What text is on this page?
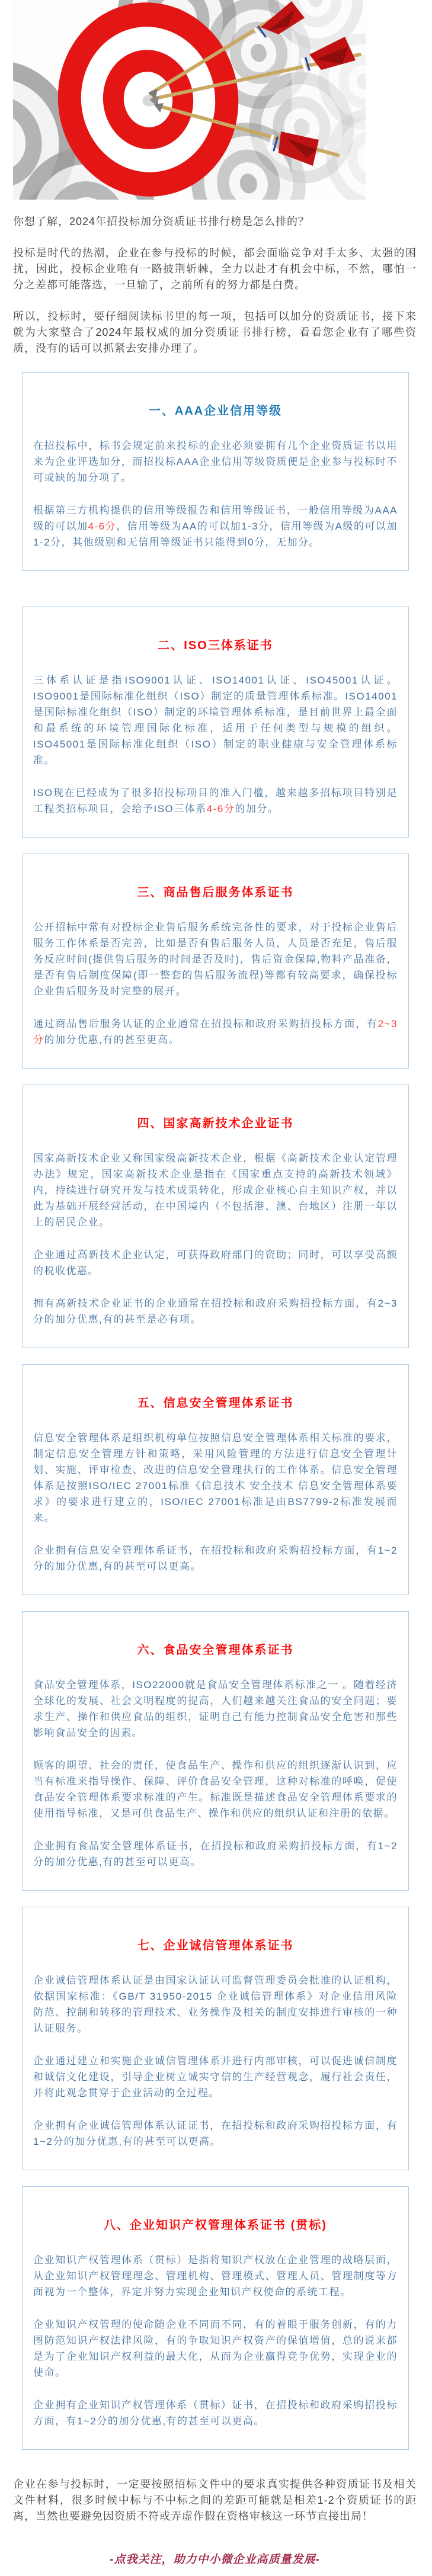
你想了解，2024年招投标加分资质证书排行榜是怎么排的？

投标是时代的热潮，企业在参与投标的时候，都会面临竞争对手太多、太强的困扰，因此，投标企业唯有一路披荆斩棘，全力以赴才有机会中标，不然，哪怕一分之差都可能落选，一旦输了，之前所有的努力都是白费。

所以，投标时，要仔细阅读标书里的每一项，包括可以加分的资质证书，接下来就为大家整合了2024年最权威的加分资质证书排行榜，看看您企业有了哪些资质，没有的话可以抓紧去安排办理了。

一、AAA企业信用等级

在招投标中，标书会规定前来投标的企业必须要拥有几个企业资质证书以用来为企业评选加分，而招投标AAA企业信用等级资质便是企业参与投标时不可或缺的加分项了。

根据第三方机构提供的信用等级报告和信用等级证书，一般信用等级为AAA级的可以加4-6分，信用等级为AA的可以加1-3分，信用等级为A级的可以加1-2分，其他级别和无信用等级证书只能得到0分，无加分。

二、ISO三体系证书

三体系认证是指ISO9001认证、ISO14001认证、ISO45001认证。ISO9001是国际标准化组织（ISO）制定的质量管理体系标准。ISO14001是国际标准化组织（ISO）制定的环境管理体系标准，是目前世界上最全面和最系统的环境管理国际化标准，适用于任何类型与规模的组织。ISO45001是国际标准化组织（ISO）制定的职业健康与安全管理体系标准。

ISO现在已经成为了很多招投标项目的准入门槛，越来越多招标项目特别是工程类招标项目，会给予ISO三体系4-6分的加分。

三、商品售后服务体系证书

公开招标中常有对投标企业售后服务系统完备性的要求，对于投标企业售后服务工作体系是否完善，比如是否有售后服务人员，人员是否充足，售后服务反应时间(提供售后服务的时间是否及时)，售后资金保障,物料产品准备，是否有售后制度保障(即一整套的售后服务流程)等都有较高要求，确保投标企业售后服务及时完整的展开。

通过商品售后服务认证的企业通常在招投标和政府采购招投标方面，有2~3分的加分优惠,有的甚至更高。

四、国家高新技术企业证书

国家高新技术企业又称国家级高新技术企业，根据《高新技术企业认定管理办法》规定，国家高新技术企业是指在《国家重点支持的高新技术领域》内，持续进行研究开发与技术成果转化，形成企业核心自主知识产权，并以此为基础开展经营活动，在中国境内（不包括港、澳、台地区）注册一年以上的居民企业。

企业通过高新技术企业认定，可获得政府部门的资助；同时，可以享受高额的税收优惠。

拥有高新技术企业证书的企业通常在招投标和政府采购招投标方面，有2~3分的加分优惠,有的甚至是必有项。

五、信息安全管理体系证书

信息安全管理体系是组织机构单位按照信息安全管理体系相关标准的要求，制定信息安全管理方针和策略，采用风险管理的方法进行信息安全管理计划、实施、评审检查、改进的信息安全管理执行的工作体系。信息安全管理体系是按照ISO/IEC 27001标准《信息技术 安全技术 信息安全管理体系要求》的要求进行建立的，ISO/IEC 27001标准是由BS7799-2标准发展而来。

企业拥有信息安全管理体系证书，在招投标和政府采购招投标方面，有1~2分的加分优惠,有的甚至可以更高。

六、食品安全管理体系证书

食品安全管理体系，ISO22000就是食品安全管理体系标准之一 。随着经济全球化的发展、社会文明程度的提高，人们越来越关注食品的安全问题；要求生产、操作和供应食品的组织，证明自己有能力控制食品安全危害和那些影响食品安全的因素。

顾客的期望、社会的责任，使食品生产、操作和供应的组织逐渐认识到，应当有标准来指导操作、保障、评价食品安全管理，这种对标准的呼唤，促使食品安全管理体系要求标准的产生。标准既是描述食品安全管理体系要求的使用指导标准，又是可供食品生产、操作和供应的组织认证和注册的依据。

企业拥有食品安全管理体系证书，在招投标和政府采购招投标方面，有1~2分的加分优惠,有的甚至可以更高。

七、企业诚信管理体系证书

企业诚信管理体系认证是由国家认证认可监督管理委员会批准的认证机构，依据国家标准：《GB/T 31950-2015 企业诚信管理体系》对企业信用风险防范、控制和转移的管理技术、业务操作及相关的制度安排进行审核的一种认证服务。

企业通过建立和实施企业诚信管理体系并进行内部审核，可以促进诚信制度和诚信文化建设，引导企业树立诚实守信的生产经营观念，履行社会责任，并将此观念贯穿于企业活动的全过程。

企业拥有企业诚信管理体系认证证书，在招投标和政府采购招投标方面，有1~2分的加分优惠,有的甚至可以更高。

八、企业知识产权管理体系证书 (贯标)

企业知识产权管理体系（贯标）是指将知识产权放在企业管理的战略层面，从企业知识产权管理理念、管理机构、管理模式、管理人员、管理制度等方面视为一个整体，界定并努力实现企业知识产权使命的系统工程。

企业知识产权管理的使命随企业不同而不同，有的着眼于服务创新，有的力图防范知识产权法律风险，有的争取知识产权资产的保值增值，总的说来都是为了企业知识产权利益的最大化，从而为企业赢得竞争优势，实现企业的使命。

企业拥有企业知识产权管理体系（贯标）证书，在招投标和政府采购招投标方面，有1~2分的加分优惠,有的甚至可以更高。

企业在参与投标时，一定要按照招标文件中的要求真实提供各种资质证书及相关文件材料，很多时候中标与不中标之间的差距可能就是相差1-2个资质证书的距离，当然也要避免因资质不符或弄虚作假在资格审核这一环节直接出局！

-点我关注，助力中小微企业高质量发展-
